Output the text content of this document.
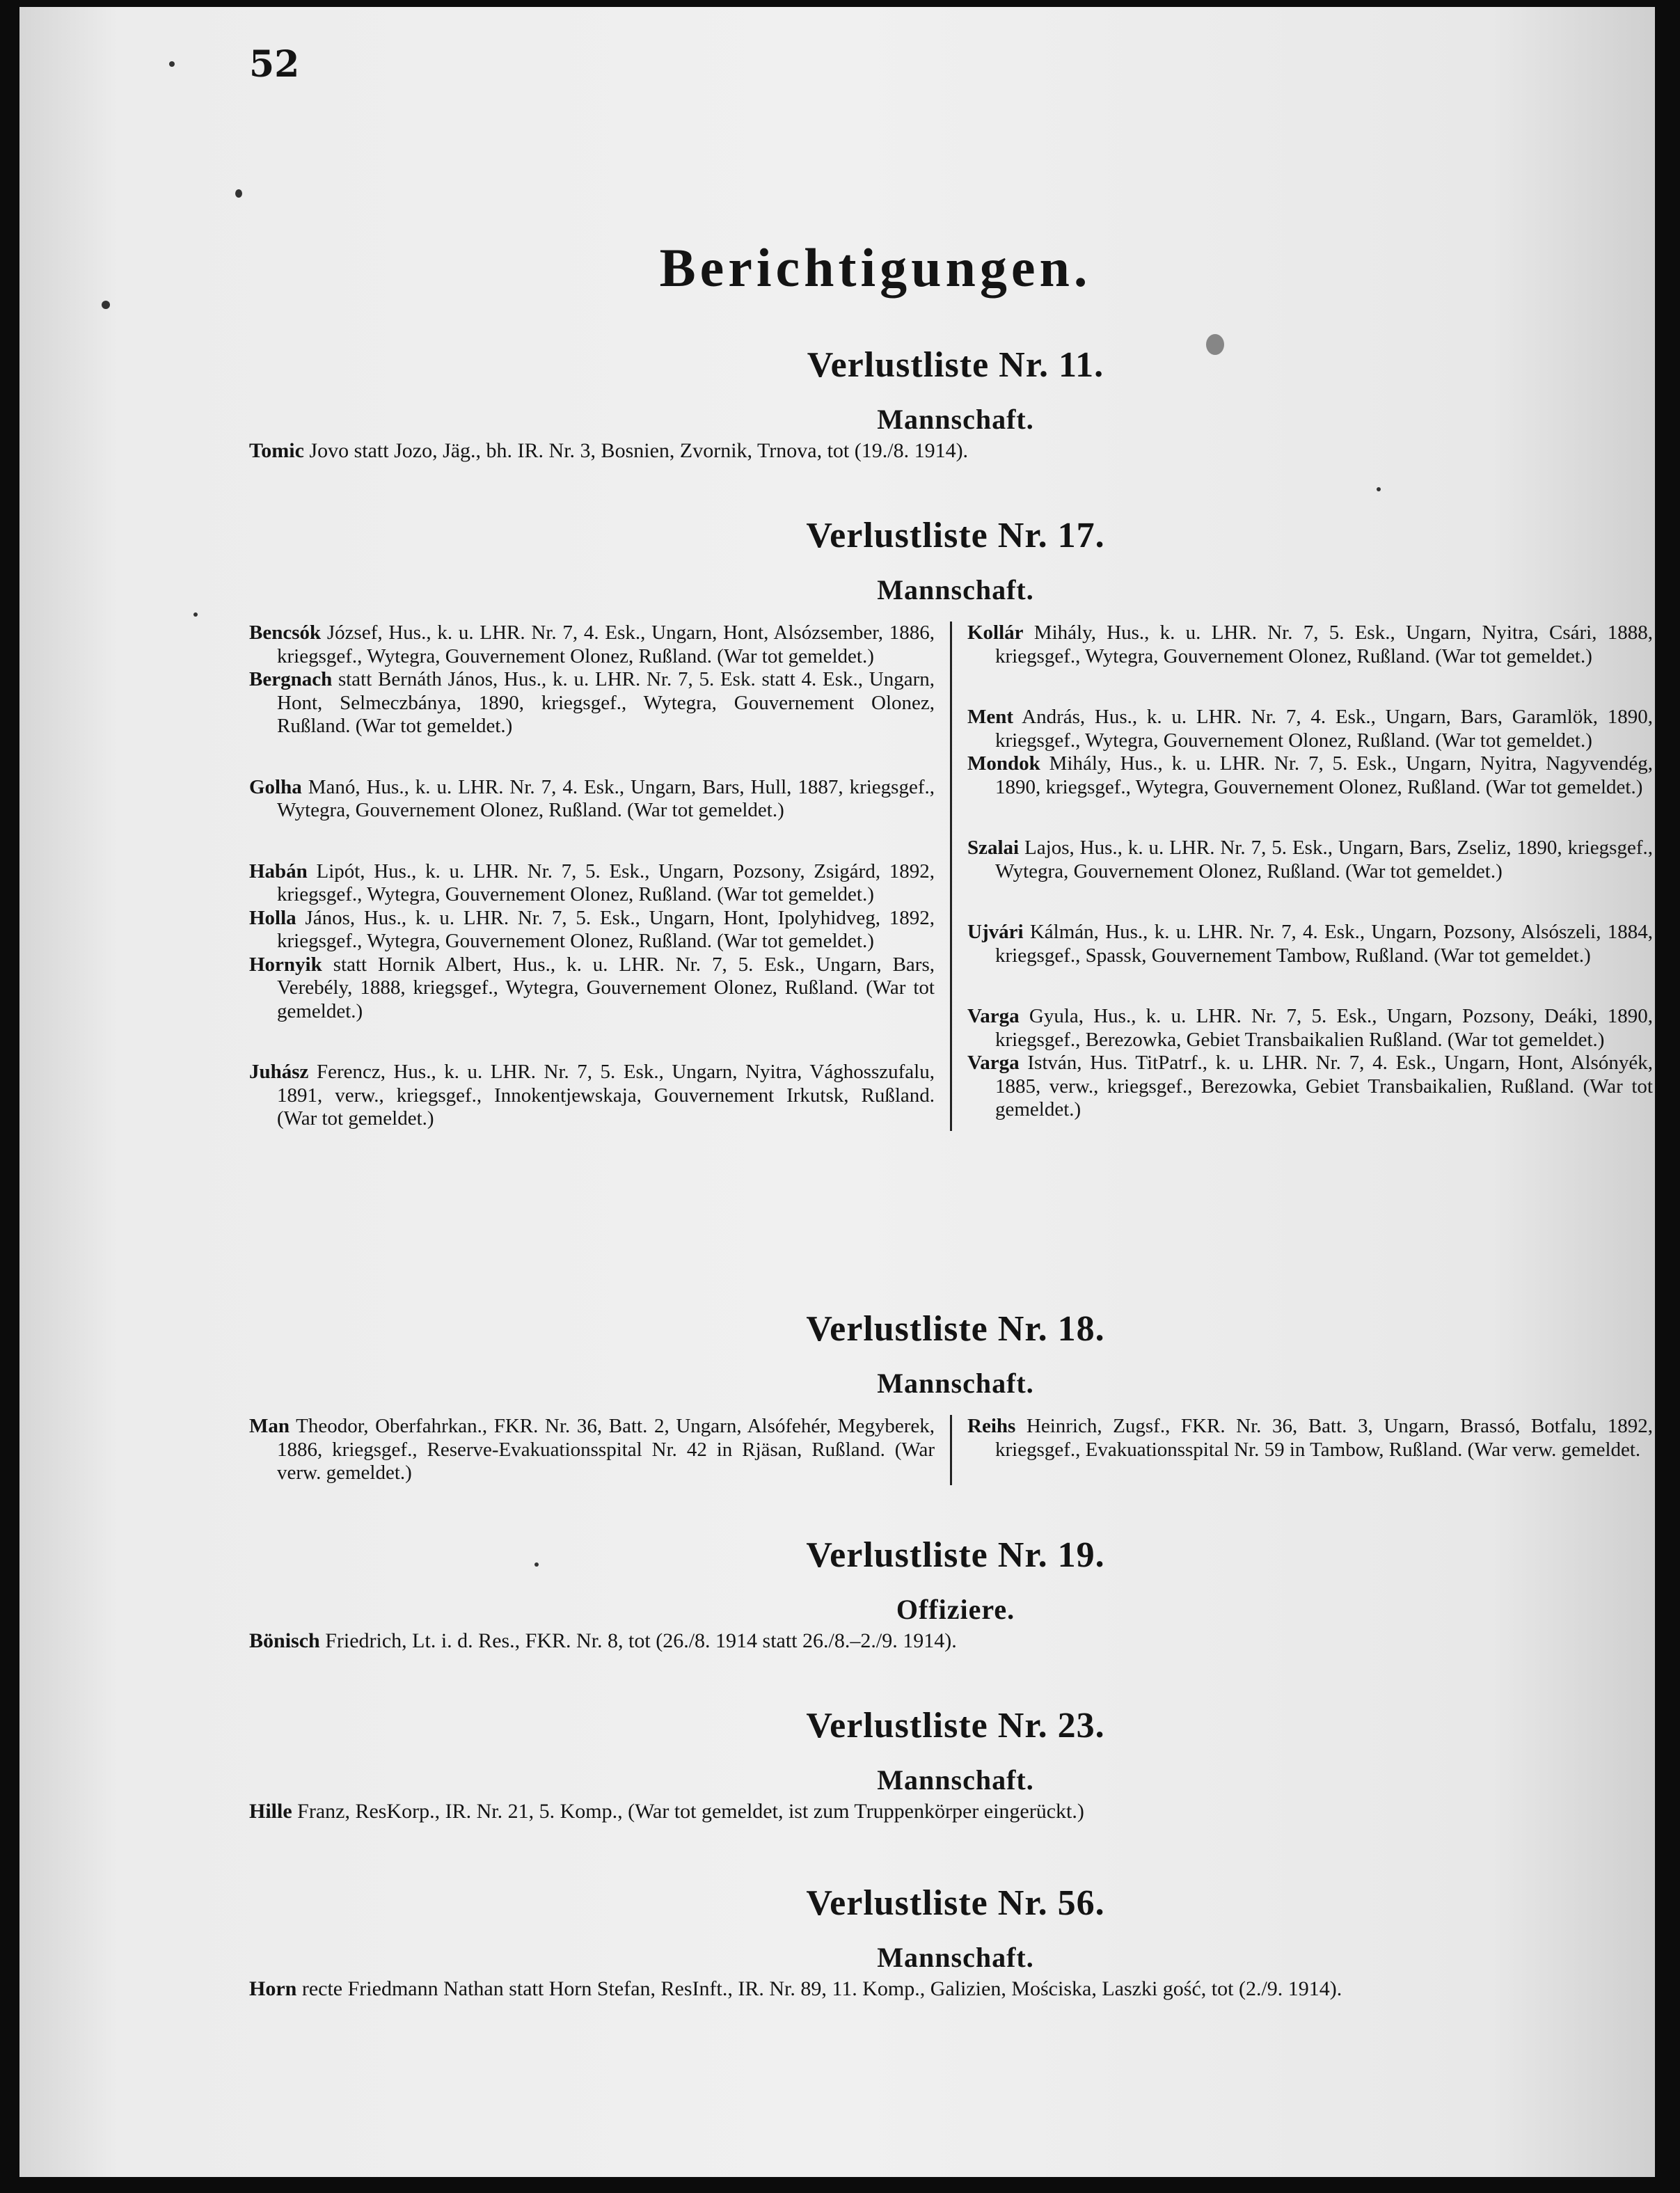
52
Berichtigungen.
Verlustliste Nr. 11.
Mannschaft.

Tomic Jovo statt Jozo, Jäg., bh. IR. Nr. 3, Bosnien, Zvornik, Trnova, tot (19./8. 1914).

Verlustliste Nr. 17.
Mannschaft.

Bencsók József, Hus., k. u. LHR. Nr. 7, 4. Esk., Ungarn, Hont, Alsózsember, 1886, kriegsgef., Wytegra, Gouvernement Olonez, Rußland. (War tot gemeldet.)

Bergnach statt Bernáth János, Hus., k. u. LHR. Nr. 7, 5. Esk. statt 4. Esk., Ungarn, Hont, Selmeczbánya, 1890, kriegsgef., Wytegra, Gouvernement Olonez, Rußland. (War tot gemeldet.)

Golha Manó, Hus., k. u. LHR. Nr. 7, 4. Esk., Ungarn, Bars, Hull, 1887, kriegsgef., Wytegra, Gouvernement Olonez, Rußland. (War tot gemeldet.)

Habán Lipót, Hus., k. u. LHR. Nr. 7, 5. Esk., Ungarn, Pozsony, Zsigárd, 1892, kriegsgef., Wytegra, Gouvernement Olonez, Rußland. (War tot gemeldet.)

Holla János, Hus., k. u. LHR. Nr. 7, 5. Esk., Ungarn, Hont, Ipolyhidveg, 1892, kriegsgef., Wytegra, Gouvernement Olonez, Rußland. (War tot gemeldet.)

Hornyik statt Hornik Albert, Hus., k. u. LHR. Nr. 7, 5. Esk., Ungarn, Bars, Verebély, 1888, kriegsgef., Wytegra, Gouvernement Olonez, Rußland. (War tot gemeldet.)

Juhász Ferencz, Hus., k. u. LHR. Nr. 7, 5. Esk., Ungarn, Nyitra, Vághosszufalu, 1891, verw., kriegsgef., Innokentjewskaja, Gouvernement Irkutsk, Rußland. (War tot gemeldet.)

Kollár Mihály, Hus., k. u. LHR. Nr. 7, 5. Esk., Ungarn, Nyitra, Csári, 1888, kriegsgef., Wytegra, Gouvernement Olonez, Rußland. (War tot gemeldet.)

Ment András, Hus., k. u. LHR. Nr. 7, 4. Esk., Ungarn, Bars, Garamlök, 1890, kriegsgef., Wytegra, Gouvernement Olonez, Rußland. (War tot gemeldet.)

Mondok Mihály, Hus., k. u. LHR. Nr. 7, 5. Esk., Ungarn, Nyitra, Nagyvendég, 1890, kriegsgef., Wytegra, Gouvernement Olonez, Rußland. (War tot gemeldet.)

Szalai Lajos, Hus., k. u. LHR. Nr. 7, 5. Esk., Ungarn, Bars, Zseliz, 1890, kriegsgef., Wytegra, Gouvernement Olonez, Rußland. (War tot gemeldet.)

Ujvári Kálmán, Hus., k. u. LHR. Nr. 7, 4. Esk., Ungarn, Pozsony, Alsószeli, 1884, kriegsgef., Spassk, Gouvernement Tambow, Rußland. (War tot gemeldet.)

Varga Gyula, Hus., k. u. LHR. Nr. 7, 5. Esk., Ungarn, Pozsony, Deáki, 1890, kriegsgef., Berezowka, Gebiet Transbaikalien Rußland. (War tot gemeldet.)

Varga István, Hus. TitPatrf., k. u. LHR. Nr. 7, 4. Esk., Ungarn, Hont, Alsónyék, 1885, verw., kriegsgef., Berezowka, Gebiet Transbaikalien, Rußland. (War tot gemeldet.)

Verlustliste Nr. 18.
Mannschaft.

Man Theodor, Oberfahrkan., FKR. Nr. 36, Batt. 2, Ungarn, Alsófehér, Megyberek, 1886, kriegsgef., Reserve-Evakuationsspital Nr. 42 in Rjäsan, Rußland. (War verw. gemeldet.)

Reihs Heinrich, Zugsf., FKR. Nr. 36, Batt. 3, Ungarn, Brassó, Botfalu, 1892, kriegsgef., Evakuationsspital Nr. 59 in Tambow, Rußland. (War verw. gemeldet.

Verlustliste Nr. 19.
Offiziere.

Bönisch Friedrich, Lt. i. d. Res., FKR. Nr. 8, tot (26./8. 1914 statt 26./8.–2./9. 1914).

Verlustliste Nr. 23.
Mannschaft.

Hille Franz, ResKorp., IR. Nr. 21, 5. Komp., (War tot gemeldet, ist zum Truppenkörper eingerückt.)

Verlustliste Nr. 56.
Mannschaft.

Horn recte Friedmann Nathan statt Horn Stefan, ResInft., IR. Nr. 89, 11. Komp., Galizien, Mościska, Laszki gość, tot (2./9. 1914).
